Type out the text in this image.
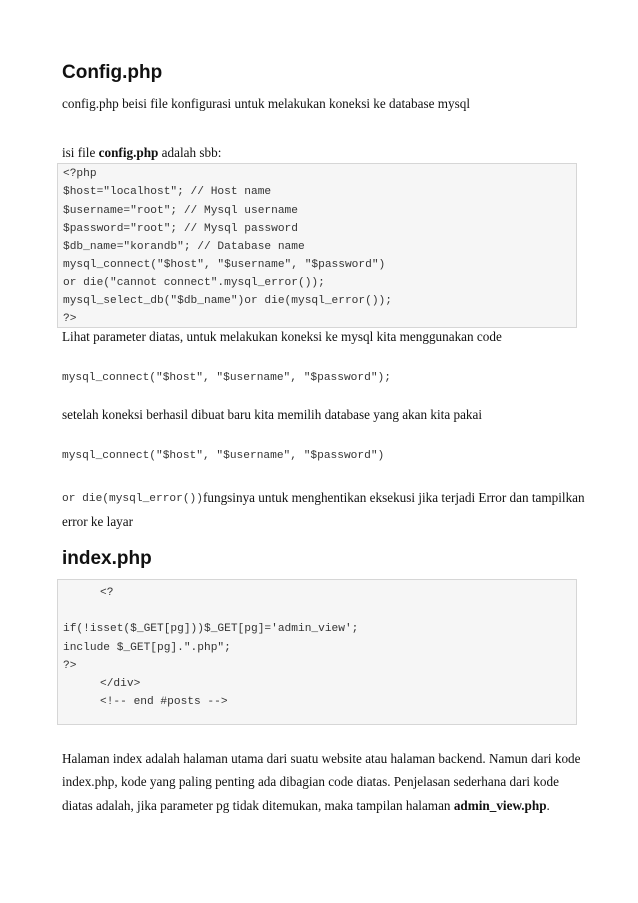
Config.php
config.php beisi file konfigurasi untuk melakukan koneksi ke database mysql
isi file config.php adalah sbb:
<?php
$host="localhost"; // Host name
$username="root"; // Mysql username
$password="root"; // Mysql password
$db_name="korandb"; // Database name
mysql_connect("$host", "$username", "$password")
or die("cannot connect".mysql_error());
mysql_select_db("$db_name")or die(mysql_error());
?>
Lihat parameter diatas, untuk melakukan koneksi ke mysql kita menggunakan code
mysql_connect("$host", "$username", "$password");
setelah koneksi berhasil dibuat baru kita memilih database yang akan kita pakai
mysql_connect("$host", "$username", "$password")
or die(mysql_error()) fungsinya untuk menghentikan eksekusi jika terjadi Error dan tampilkan
error ke layar
index.php
<?
if(!isset($_GET[pg]))$_GET[pg]='admin_view';
include $_GET[pg].".php";
?>
</div>
<!-- end #posts -->
Halaman index adalah halaman utama dari suatu website atau halaman backend. Namun dari kode
index.php, kode yang paling penting ada dibagian code diatas. Penjelasan sederhana dari kode
diatas adalah, jika parameter pg tidak ditemukan, maka tampilan halaman admin_view.php.
